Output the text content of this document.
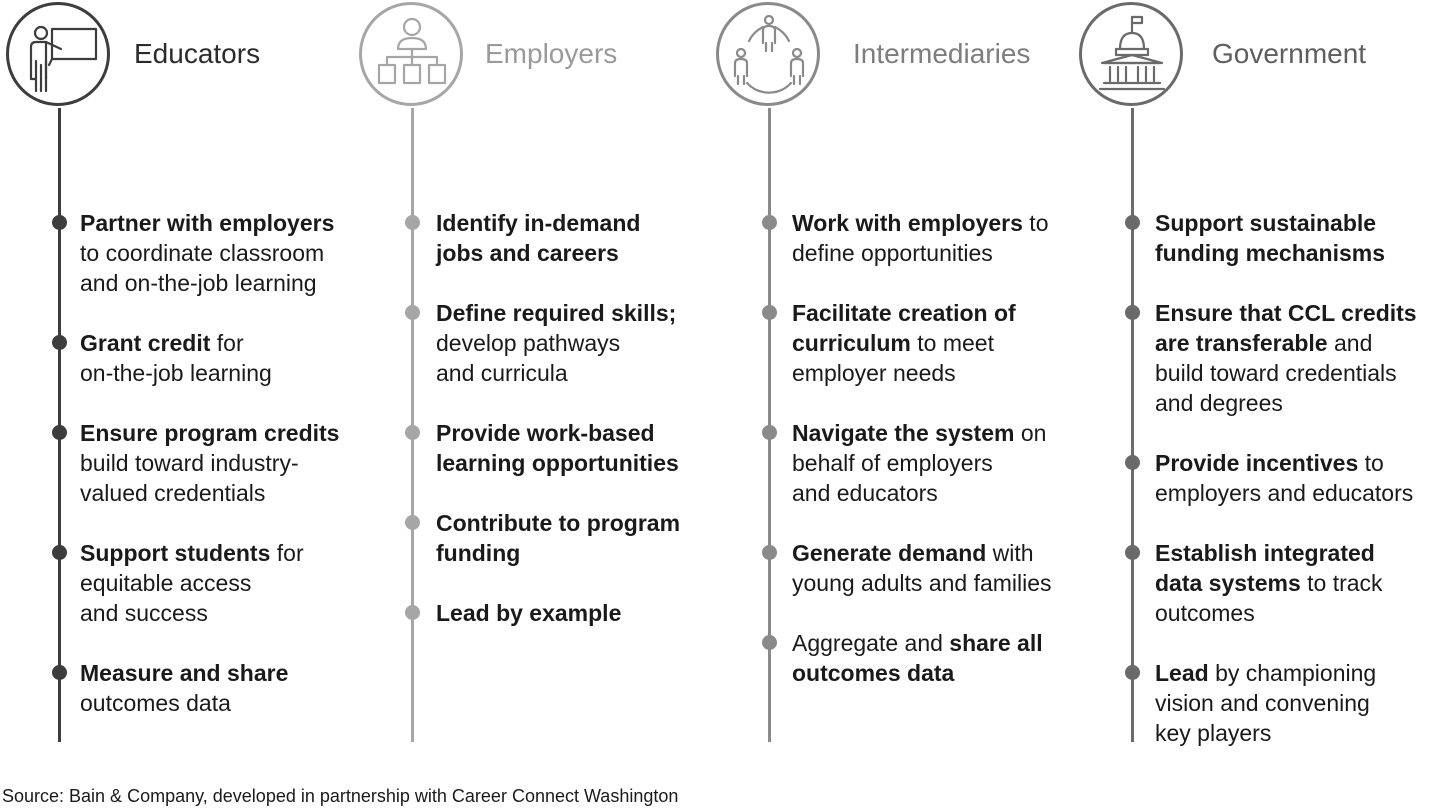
Educators
Partner with employers
to coordinate classroom
and on-the-job learning
Grant credit for
on-the-job learning
Ensure program credits
build toward industry-
valued credentials
Support students for
equitable access
and success
Measure and share
outcomes data
Employers
Identify in-demand
jobs and careers
Define required skills;
develop pathways
and curricula
Provide work-based
learning opportunities
Contribute to program
funding
Lead by example
Intermediaries
Work with employers to
define opportunities
Facilitate creation of
curriculum to meet
employer needs
Navigate the system on
behalf of employers
and educators
Generate demand with
young adults and families
Aggregate and share all
outcomes data
Government
Support sustainable
funding mechanisms
Ensure that CCL credits
are transferable and
build toward credentials
and degrees
Provide incentives to
employers and educators
Establish integrated
data systems to track
outcomes
Lead by championing
vision and convening
key players
Source: Bain & Company, developed in partnership with Career Connect Washington
